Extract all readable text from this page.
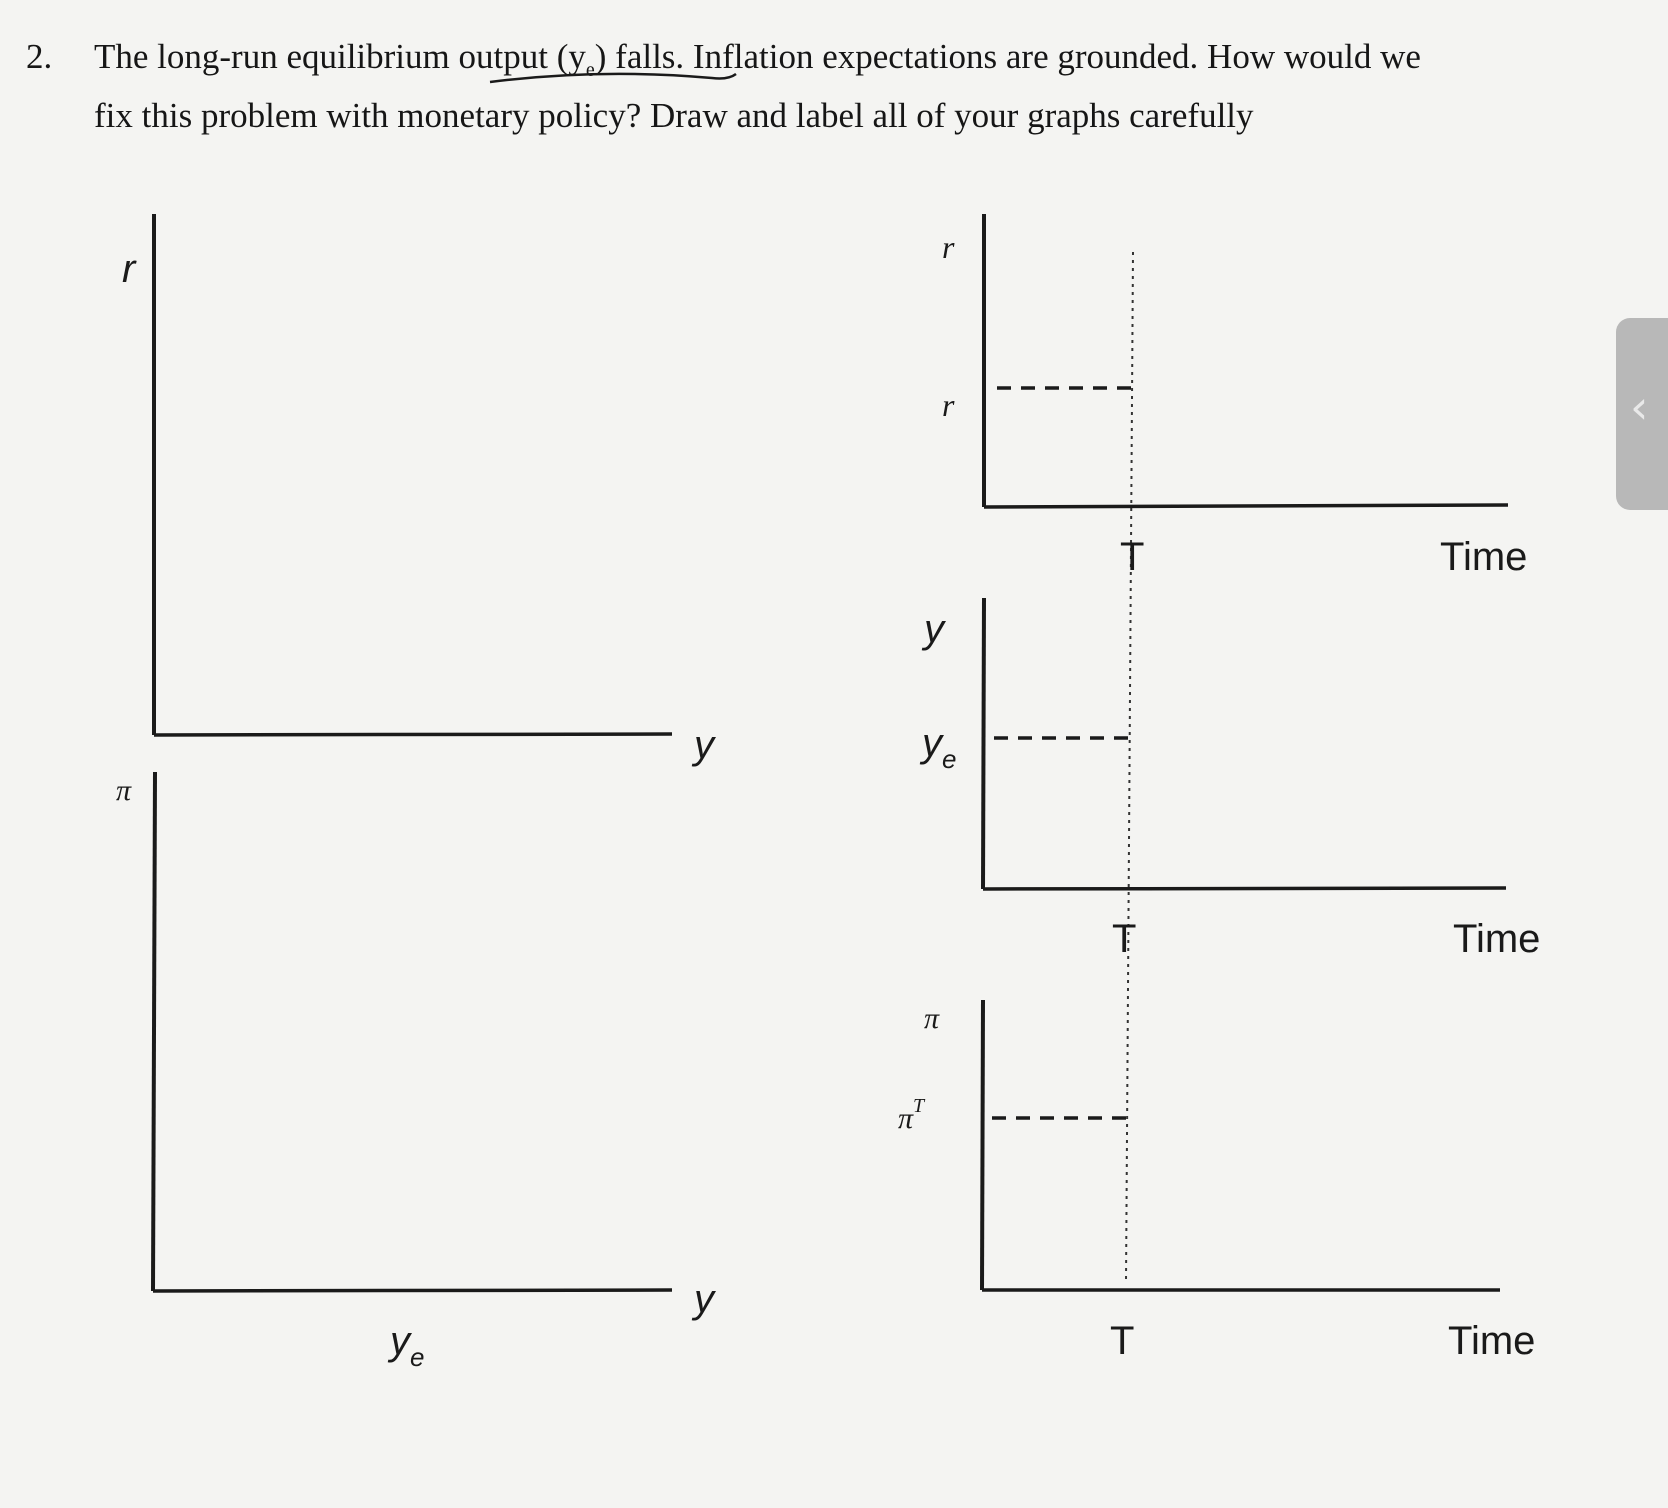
2. The long-run equilibrium output $(y_e)$ falls. Inflation expectations are grounded. How would we
fix this problem with monetary policy? Draw and label all of your graphs carefully
r
y
π
y
$y_e$
r
r
T	Time
y
$y_e$
T	Time
π
$\pi^T$
T	Time
‹
